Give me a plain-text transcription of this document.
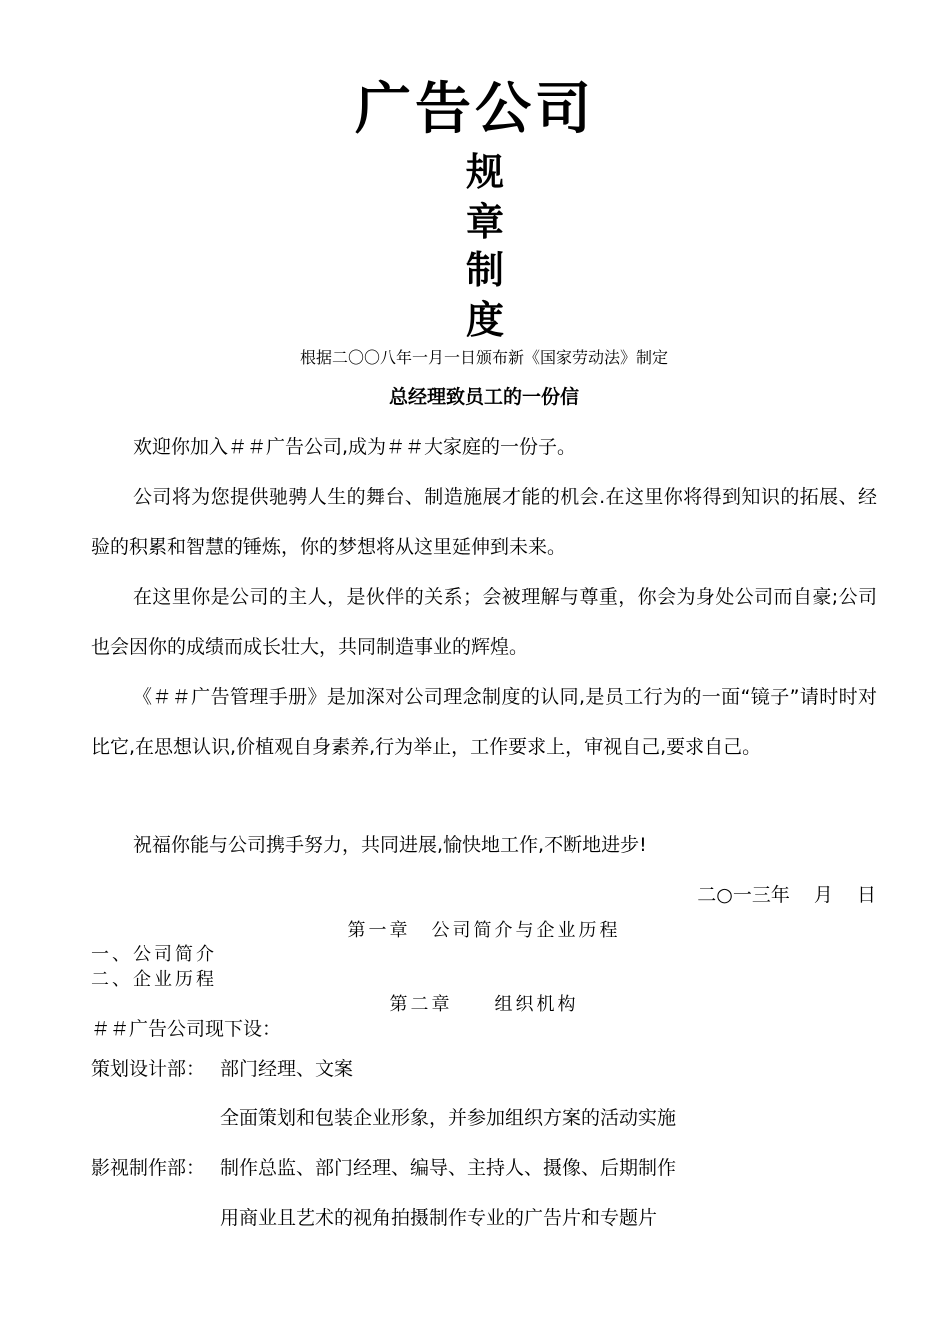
广告公司
规
章
制
度
根据二〇〇八年一月一日颁布新《国家劳动法》制定
总经理致员工的一份信

欢迎你加入＃＃广告公司,成为＃＃大家庭的一份子。

公司将为您提供驰骋人生的舞台、制造施展才能的机会.在这里你将得到知识的拓展、经验的积累和智慧的锤炼，你的梦想将从这里延伸到未来。

在这里你是公司的主人，是伙伴的关系；会被理解与尊重，你会为身处公司而自豪;公司也会因你的成绩而成长壮大，共同制造事业的辉煌。

《＃＃广告管理手册》是加深对公司理念制度的认同,是员工行为的一面“镜子”请时时对比它,在思想认识,价植观自身素养,行为举止，工作要求上，审视自己,要求自己。

祝福你能与公司携手努力，共同进展,愉快地工作,不断地进步!

二○一三年  月  日
第一章　公司简介与企业历程
一、公司简介
二、企业历程
第二章　　组织机构
＃＃广告公司现下设：
策划设计部： 部门经理、文案
全面策划和包装企业形象，并参加组织方案的活动实施
影视制作部： 制作总监、部门经理、编导、主持人、摄像、后期制作
用商业且艺术的视角拍摄制作专业的广告片和专题片
